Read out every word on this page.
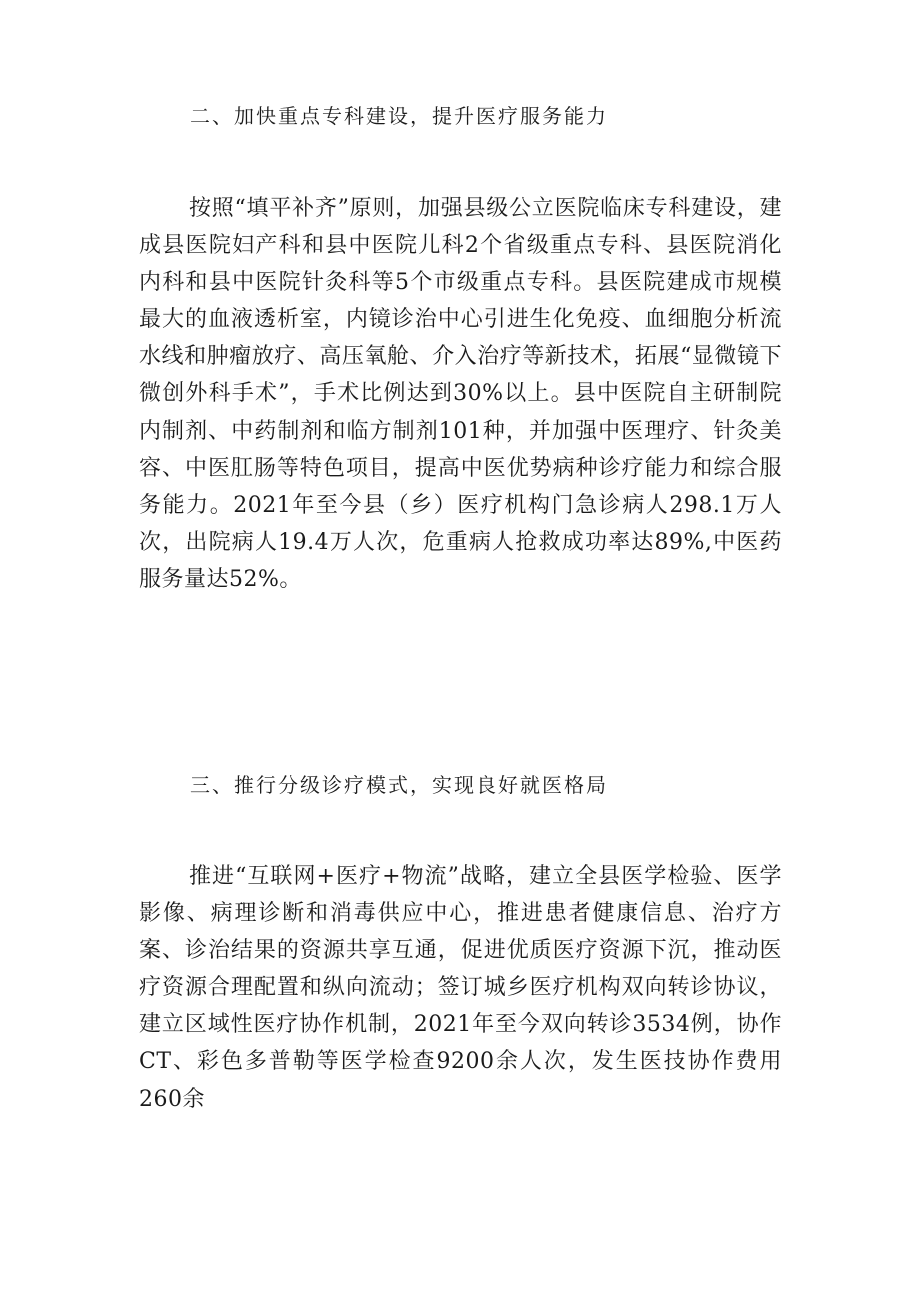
二、加快重点专科建设，提升医疗服务能力

按照“填平补齐”原则，加强县级公立医院临床专科建设，建成县医院妇产科和县中医院儿科2个省级重点专科、县医院消化内科和县中医院针灸科等5个市级重点专科。县医院建成市规模最大的血液透析室，内镜诊治中心引进生化免疫、血细胞分析流水线和肿瘤放疗、高压氧舱、介入治疗等新技术，拓展“显微镜下微创外科手术”，手术比例达到30%以上。县中医院自主研制院内制剂、中药制剂和临方制剂101种，并加强中医理疗、针灸美容、中医肛肠等特色项目，提高中医优势病种诊疗能力和综合服务能力。2021年至今县（乡）医疗机构门急诊病人298.1万人次，出院病人19.4万人次，危重病人抢救成功率达89%,中医药服务量达52%。

三、推行分级诊疗模式，实现良好就医格局

推进“互联网+医疗+物流”战略，建立全县医学检验、医学影像、病理诊断和消毒供应中心，推进患者健康信息、治疗方案、诊治结果的资源共享互通，促进优质医疗资源下沉，推动医疗资源合理配置和纵向流动；签订城乡医疗机构双向转诊协议，建立区域性医疗协作机制，2021年至今双向转诊3534例，协作CT、彩色多普勒等医学检查9200余人次，发生医技协作费用260余
